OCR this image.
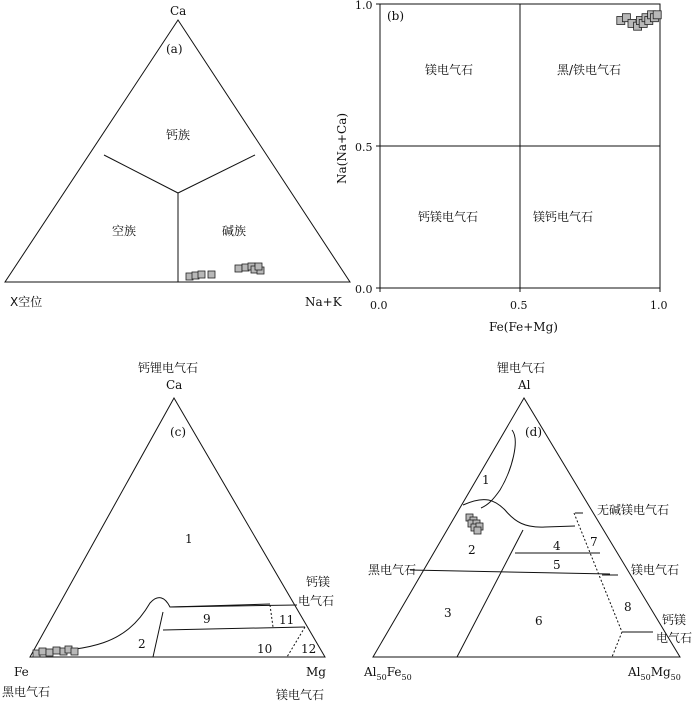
Ca
(a)
X空位	Na+K
钙族
空族	碱族
(b)
1.0
0.5
0.0
0.0	0.5	1.0
Fe(Fe+Mg)
Na(Na+Ca)
镁电气石	黑/铁电气石
钙镁电气石	镁钙电气石
钙锂电气石
Ca
(c)
Fe
黑电气石
Mg
镁电气石
钙镁
电气石
1
2
9
10
11
12
锂电气石
Al
(d)
$Al_{50}Fe_{50}$	$Al_{50}Mg_{50}$
无碱镁电气石
黑电气石	镁电气石
钙镁
电气石
1
2
3
4
5
6
7
8
